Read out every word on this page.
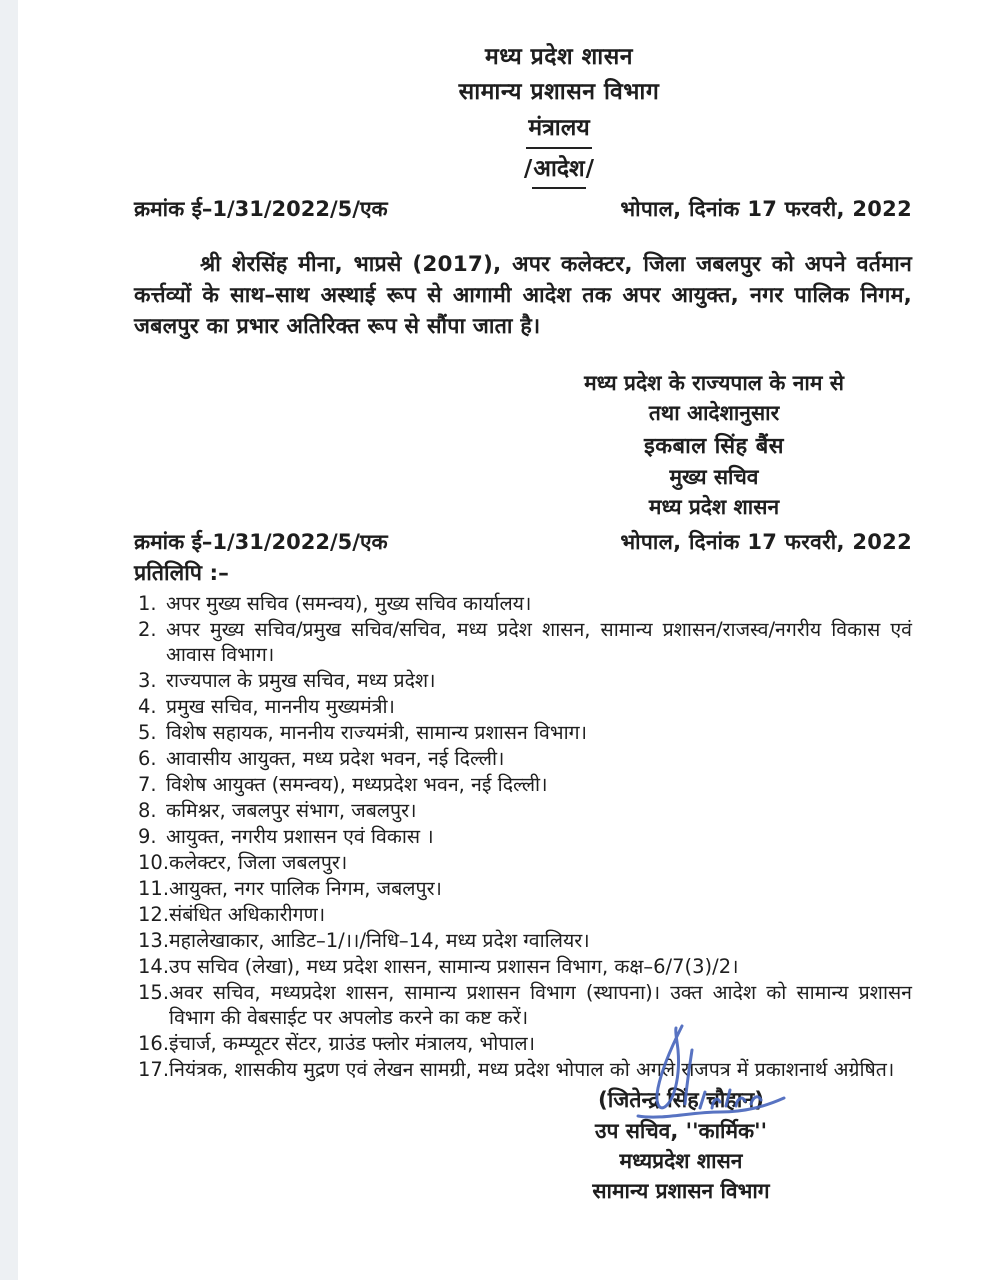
मध्य प्रदेश शासन
सामान्य प्रशासन विभाग
मंत्रालय
/आदेश/
क्रमांक ई–1/31/2022/5/एक	भोपाल, दिनांक 17 फरवरी, 2022

श्री शेरसिंह मीना, भाप्रसे (2017), अपर कलेक्टर, जिला जबलपुर को अपने वर्तमान कर्त्तव्यों के साथ–साथ अस्थाई रूप से आगामी आदेश तक अपर आयुक्त, नगर पालिक निगम, जबलपुर का प्रभार अतिरिक्त रूप से सौंपा जाता है।

मध्य प्रदेश के राज्यपाल के नाम से
तथा आदेशानुसार
इकबाल सिंह बैंस
मुख्य सचिव
मध्य प्रदेश शासन
क्रमांक ई–1/31/2022/5/एक	भोपाल, दिनांक 17 फरवरी, 2022
प्रतिलिपि :–
1. अपर मुख्य सचिव (समन्वय), मुख्य सचिव कार्यालय।
2. अपर मुख्य सचिव/प्रमुख सचिव/सचिव, मध्य प्रदेश शासन, सामान्य प्रशासन/राजस्व/नगरीय विकास एवं आवास विभाग।
3. राज्यपाल के प्रमुख सचिव, मध्य प्रदेश।
4. प्रमुख सचिव, माननीय मुख्यमंत्री।
5. विशेष सहायक, माननीय राज्यमंत्री, सामान्य प्रशासन विभाग।
6. आवासीय आयुक्त, मध्य प्रदेश भवन, नई दिल्ली।
7. विशेष आयुक्त (समन्वय), मध्यप्रदेश भवन, नई दिल्ली।
8. कमिश्नर, जबलपुर संभाग, जबलपुर।
9. आयुक्त, नगरीय प्रशासन एवं विकास ।
10. कलेक्टर, जिला जबलपुर।
11. आयुक्त, नगर पालिक निगम, जबलपुर।
12. संबंधित अधिकारीगण।
13. महालेखाकार, आडिट–1/।।/निधि–14, मध्य प्रदेश ग्वालियर।
14. उप सचिव (लेखा), मध्य प्रदेश शासन, सामान्य प्रशासन विभाग, कक्ष–6/7(3)/2।
15. अवर सचिव, मध्यप्रदेश शासन, सामान्य प्रशासन विभाग (स्थापना)। उक्त आदेश को सामान्य प्रशासन विभाग की वेबसाईट पर अपलोड करने का कष्ट करें।
16. इंचार्ज, कम्प्यूटर सेंटर, ग्राउंड फ्लोर मंत्रालय, भोपाल।
17. नियंत्रक, शासकीय मुद्रण एवं लेखन सामग्री, मध्य प्रदेश भोपाल को अगले राजपत्र में प्रकाशनार्थ अग्रेषित।
(जितेन्द्र सिंह चौहान)
उप सचिव, ''कार्मिक''
मध्यप्रदेश शासन
सामान्य प्रशासन विभाग
